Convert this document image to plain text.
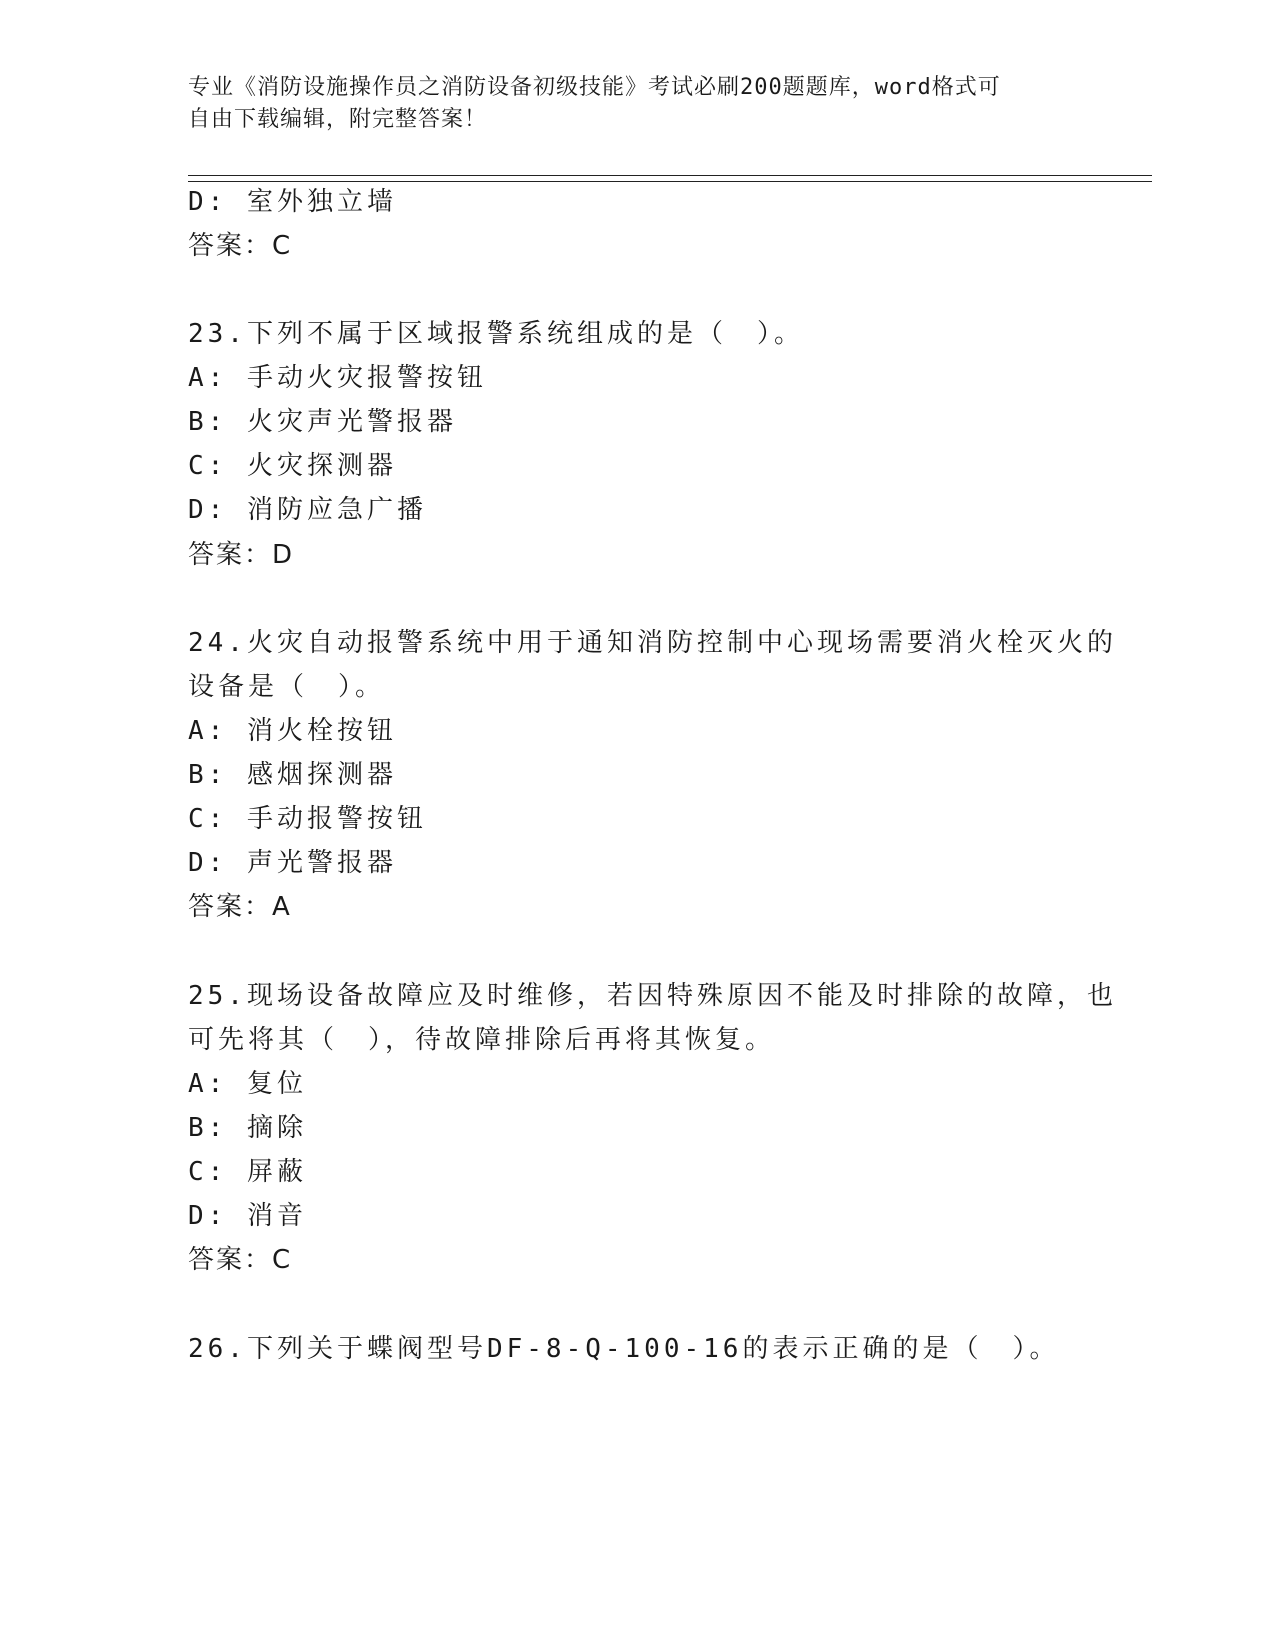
专业《消防设施操作员之消防设备初级技能》考试必刷200题题库，word格式可
自由下载编辑，附完整答案！
D: 室外独立墙
答案：C
23.下列不属于区域报警系统组成的是（　）。
A: 手动火灾报警按钮
B: 火灾声光警报器
C: 火灾探测器
D: 消防应急广播
答案：D
24.火灾自动报警系统中用于通知消防控制中心现场需要消火栓灭火的
设备是（　）。
A: 消火栓按钮
B: 感烟探测器
C: 手动报警按钮
D: 声光警报器
答案：A
25.现场设备故障应及时维修，若因特殊原因不能及时排除的故障，也
可先将其（　），待故障排除后再将其恢复。
A: 复位
B: 摘除
C: 屏蔽
D: 消音
答案：C
26.下列关于蝶阀型号DF-8-Q-100-16的表示正确的是（　）。
